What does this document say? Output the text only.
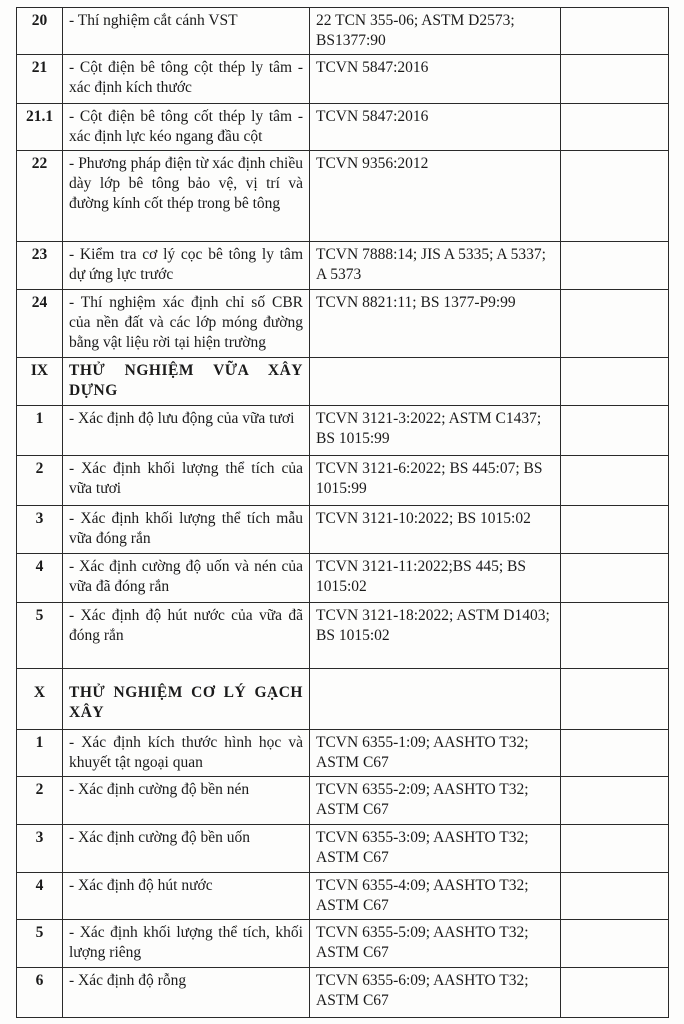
20	- Thí nghiệm cắt cánh VST	22 TCN 355-06; ASTM D2573; BS1377:90	
21	- Cột điện bê tông cột thép ly tâm - xác định kích thước	TCVN 5847:2016	
21.1	- Cột điện bê tông cốt thép ly tâm - xác định lực kéo ngang đầu cột	TCVN 5847:2016	
22	- Phương pháp điện từ xác định chiều dày lớp bê tông bảo vệ, vị trí và đường kính cốt thép trong bê tông	TCVN 9356:2012	
23	- Kiểm tra cơ lý cọc bê tông ly tâm dự ứng lực trước	TCVN 7888:14; JIS A 5335; A 5337; A 5373	
24	- Thí nghiệm xác định chỉ số CBR của nền đất và các lớp móng đường bằng vật liệu rời tại hiện trường	TCVN 8821:11; BS 1377-P9:99	
IX	THỬ NGHIỆM VỮA XÂY DỰNG		
1	- Xác định độ lưu động của vữa tươi	TCVN 3121-3:2022; ASTM C1437; BS 1015:99	
2	- Xác định khối lượng thể tích của vữa tươi	TCVN 3121-6:2022; BS 445:07; BS 1015:99	
3	- Xác định khối lượng thể tích mẫu vữa đóng rắn	TCVN 3121-10:2022; BS 1015:02	
4	- Xác định cường độ uốn và nén của vữa đã đóng rắn	TCVN 3121-11:2022;BS 445; BS 1015:02	
5	- Xác định độ hút nước của vữa đã đóng rắn	TCVN 3121-18:2022; ASTM D1403; BS 1015:02	
X	THỬ NGHIỆM CƠ LÝ GẠCH XÂY		
1	- Xác định kích thước hình học và khuyết tật ngoại quan	TCVN 6355-1:09; AASHTO T32; ASTM C67	
2	- Xác định cường độ bền nén	TCVN 6355-2:09; AASHTO T32; ASTM C67	
3	- Xác định cường độ bền uốn	TCVN 6355-3:09; AASHTO T32; ASTM C67	
4	- Xác định độ hút nước	TCVN 6355-4:09; AASHTO T32; ASTM C67	
5	- Xác định khối lượng thể tích, khối lượng riêng	TCVN 6355-5:09; AASHTO T32; ASTM C67	
6	- Xác định độ rỗng	TCVN 6355-6:09; AASHTO T32; ASTM C67	
